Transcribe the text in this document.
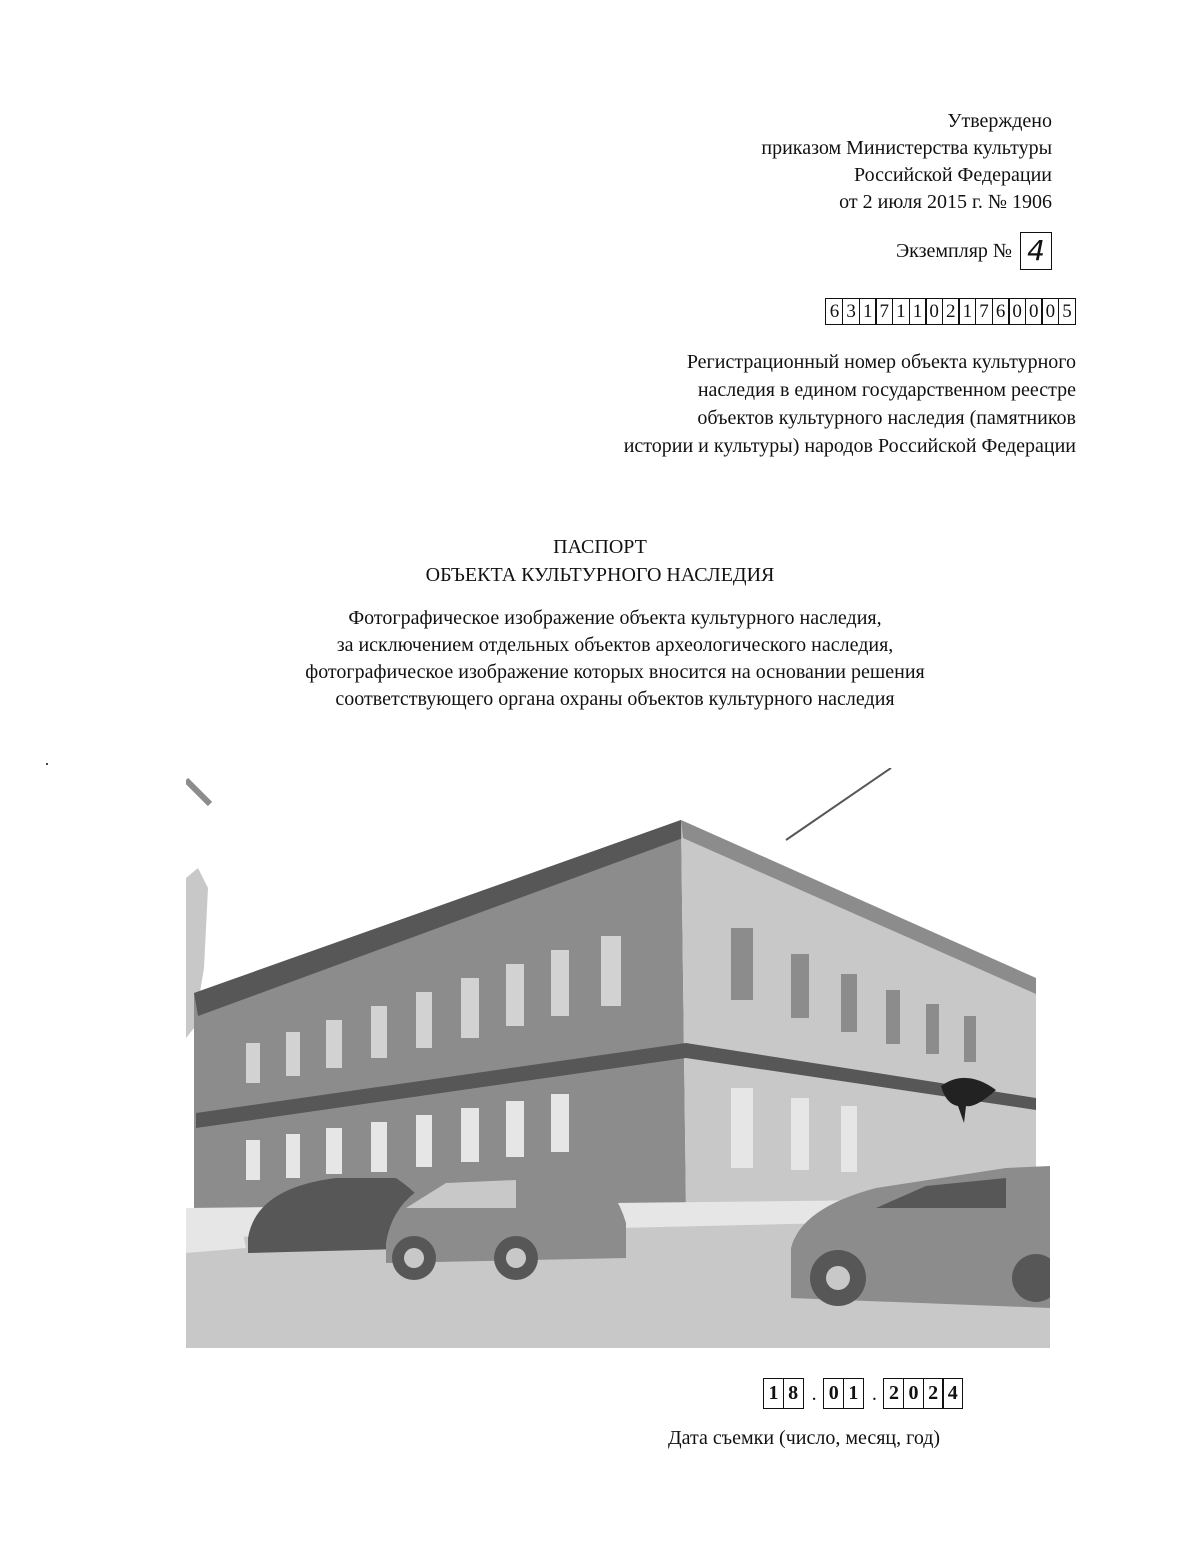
Утверждено
приказом Министерства культуры
Российской Федерации
от 2 июля 2015 г. № 1906
Экземпляр № 4
6 3 1 7 1 1 0 2 1 7 6 0 0 0 5
Регистрационный номер объекта культурного
наследия в едином государственном реестре
объектов культурного наследия (памятников
истории и культуры) народов Российской Федерации
ПАСПОРТ
ОБЪЕКТА КУЛЬТУРНОГО НАСЛЕДИЯ
Фотографическое изображение объекта культурного наследия,
за исключением отдельных объектов археологического наследия,
фотографическое изображение которых вносится на основании решения
соответствующего органа охраны объектов культурного наследия
1 8 . 0 1 . 2 0 2 4
Дата съемки (число, месяц, год)
